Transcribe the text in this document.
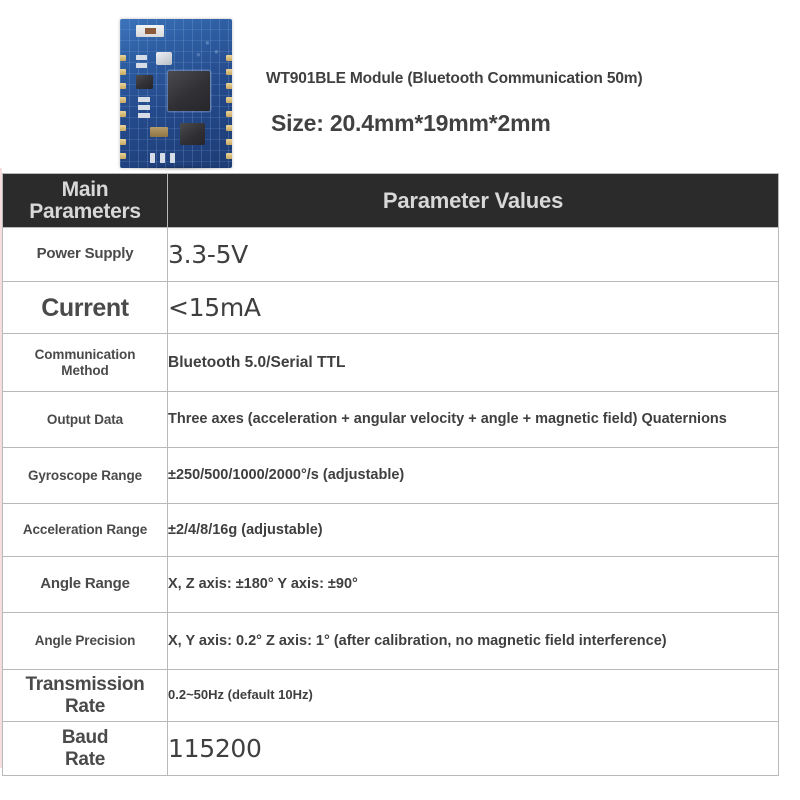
WT901BLE Module (Bluetooth Communication 50m)
Size: 20.4mm*19mm*2mm
Main
Parameters	Parameter Values
Power Supply	3.3-5V
Current	<15mA

Communication
Method	Bluetooth 5.0/Serial TTL
Output Data	Three axes (acceleration + angular velocity + angle + magnetic field) Quaternions
Gyroscope Range	±250/500/1000/2000°/s (adjustable)
Acceleration Range	±2/4/8/16g (adjustable)
Angle Range	X, Z axis: ±180° Y axis: ±90°
Angle Precision	X, Y axis: 0.2° Z axis: 1° (after calibration, no magnetic field interference)

Transmission
Rate	0.2~50Hz (default 10Hz)

Baud
Rate	115200
